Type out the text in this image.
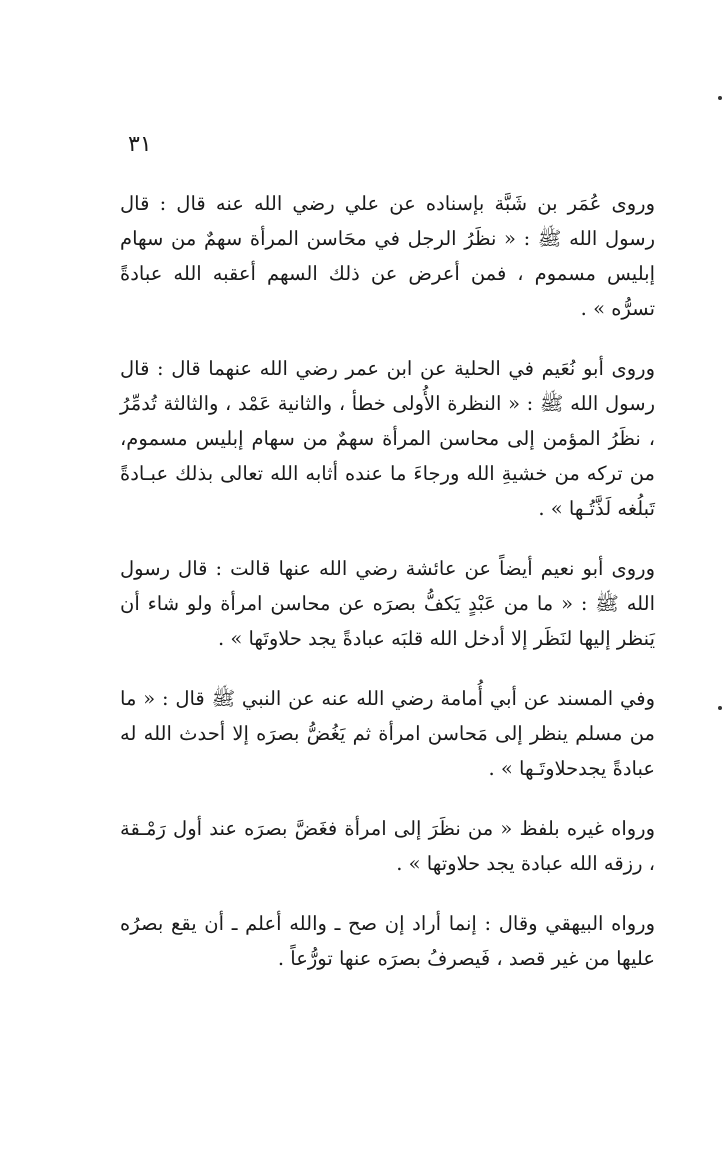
٣١

وروى عُمَر بن شَبَّة بإسناده عن علي رضي الله عنه قال : قال رسول الله ﷺ : « نظَرُ الرجل في محَاسن المرأة سهمٌ من سهام إبليس مسموم ، فمن أعرض عن ذلك السهم أعقبه الله عبادةً تسرُّه » .

وروى أبو نُعَيم في الحلية عن ابن عمر رضي الله عنهما قال : قال رسول الله ﷺ : « النظرة الأُولى خطأ ، والثانية عَمْد ، والثالثة تُدمِّرُ ، نظَرُ المؤمن إلى محاسن المرأة سهمٌ من سهام إبليس مسموم، من تركه من خشيةِ الله ورجاءَ ما عنده أثابه الله تعالى بذلك عبـادةً تَبلُغه لَذَّتُـها » .

وروى أبو نعيم أيضاً عن عائشة رضي الله عنها قالت : قال رسول الله ﷺ : « ما من عَبْدٍ يَكفُّ بصرَه عن محاسن امرأة ولو شاء أن يَنظر إليها لنَظَر إلا أدخل الله قلبَه عبادةً يجد حلاوتَها » .

وفي المسند عن أبي أُمامة رضي الله عنه عن النبي ﷺ قال : « ما من مسلم ينظر إلى مَحاسن امرأة ثم يَغُضُّ بصرَه إلا أحدث الله له عبادةً يجدحلاوتَـها » .

ورواه غيره بلفظ « من نظَرَ إلى امرأة فغَضَّ بصرَه عند أول رَمْـقة ، رزقه الله عبادة يجد حلاوتها » .

ورواه البيهقي وقال : إنما أراد إن صح ـ والله أعلم ـ أن يقع بصرُه عليها من غير قصد ، فَيصرفُ بصرَه عنها تورُّعاً .
